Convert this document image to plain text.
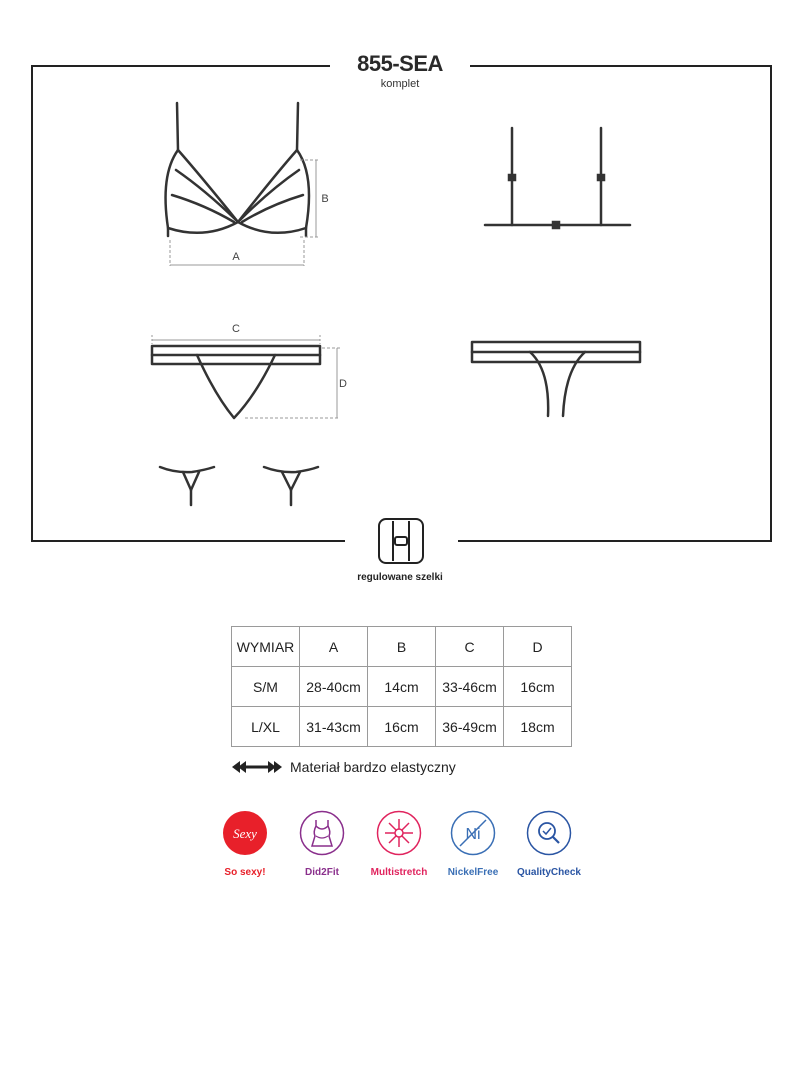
A
B
C
D
855-SEA
komplet
regulowane szelki
WYMIAR	A	B	C	D
S/M	28-40cm	14cm	33-46cm	16cm
L/XL	31-43cm	16cm	36-49cm	18cm
Materiał bardzo elastyczny
Sexy
So sexy!	Did2Fit	Multistretch
Ni
NickelFree	QualityCheck
